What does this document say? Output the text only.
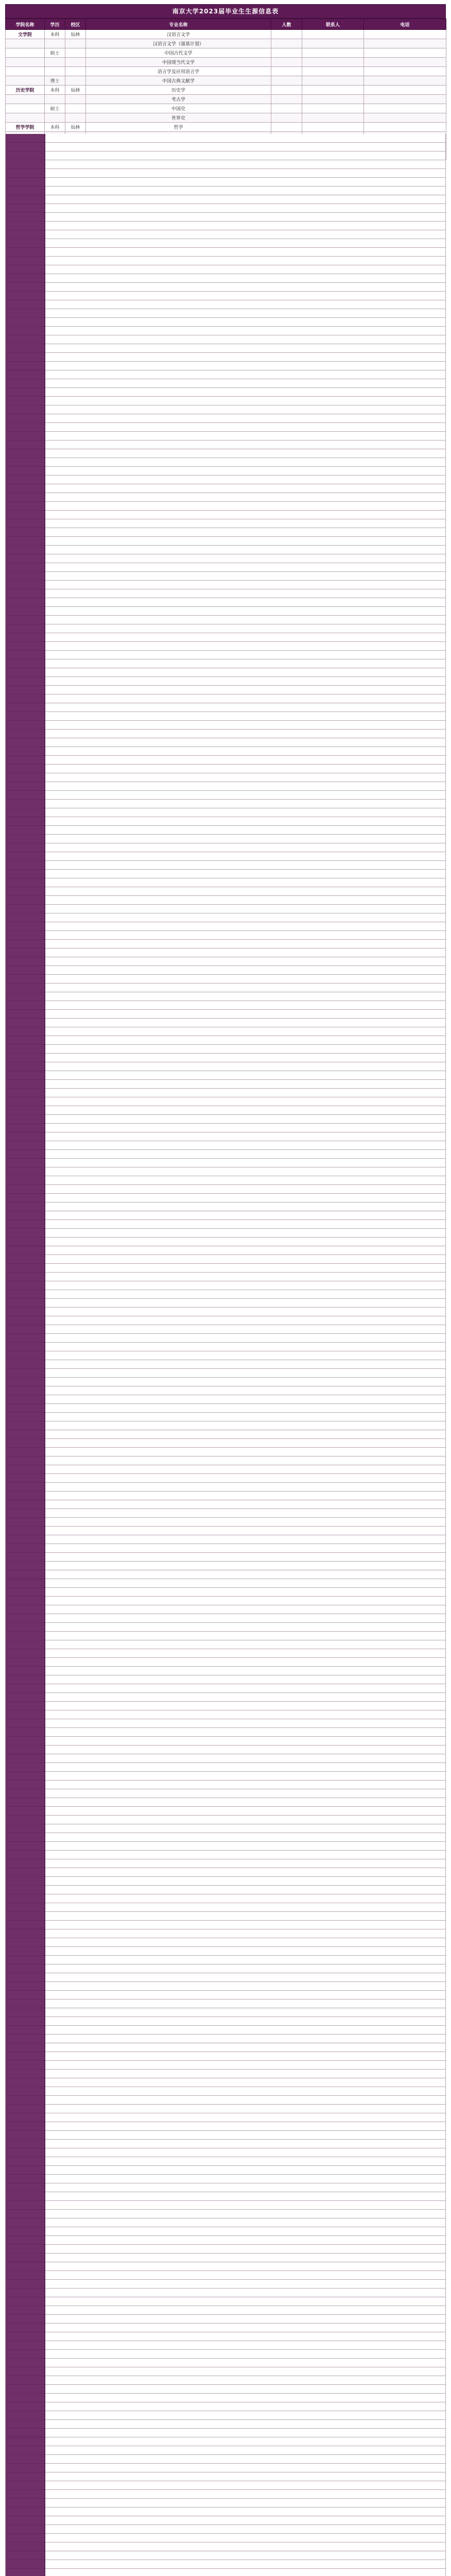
南京大学2023届毕业生生源信息表
学院名称	学历	校区	专业名称	人数	联系人	电话
文学院	本科	仙林	汉语言文学			
			汉语言文学（强基计划）			
	硕士		中国古代文学			
			中国现当代文学			
			语言学及应用语言学			
	博士		中国古典文献学			
历史学院	本科	仙林	历史学			
			考古学			
	硕士		中国史			
			世界史			
哲学学院	本科	仙林	哲学			
